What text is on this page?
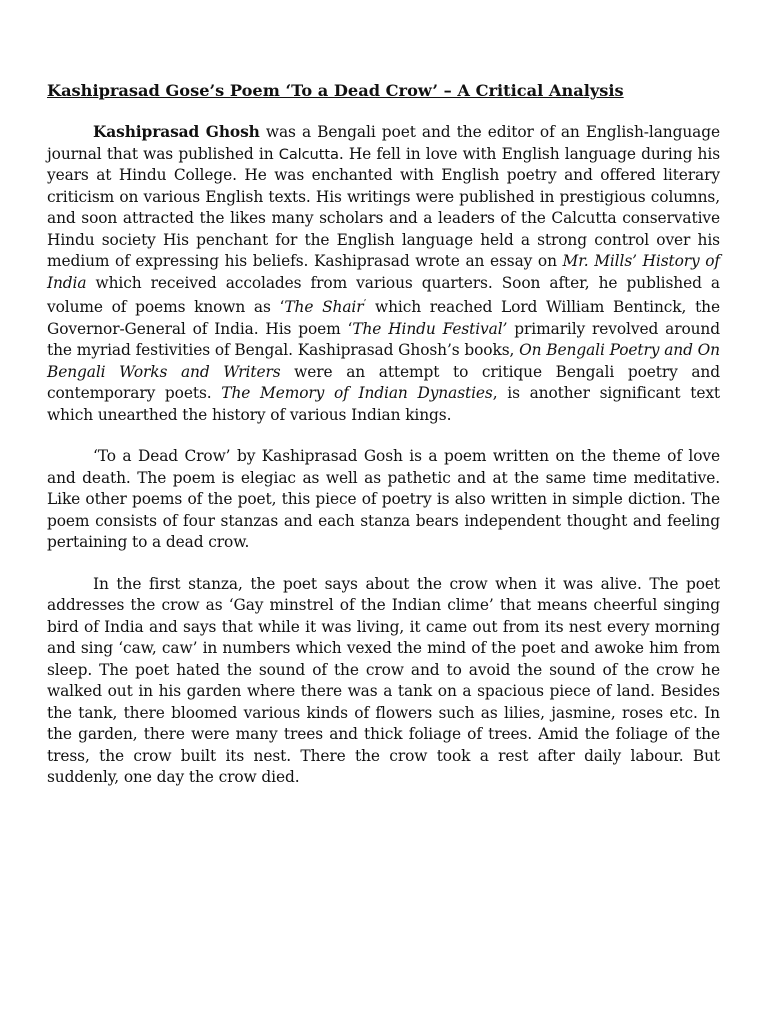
Kashiprasad Gose’s Poem ‘To a Dead Crow’ – A Critical Analysis

Kashiprasad Ghosh was a Bengali poet and the editor of an English-language journal that was published in Calcutta. He fell in love with English language during his years at Hindu College. He was enchanted with English poetry and offered literary criticism on various English texts. His writings were published in prestigious columns, and soon attracted the likes many scholars and a leaders of the Calcutta conservative Hindu society His penchant for the English language held a strong control over his medium of expressing his beliefs. Kashiprasad wrote an essay on Mr. Mills’ History of India which received accolades from various quarters. Soon after, he published a volume of poems known as ‘The Shair’ which reached Lord William Bentinck, the Governor-General of India. His poem ‘The Hindu Festival’ primarily revolved around the myriad festivities of Bengal. Kashiprasad Ghosh’s books, On Bengali Poetry and On Bengali Works and Writers were an attempt to critique Bengali poetry and contemporary poets. The Memory of Indian Dynasties, is another significant text which unearthed the history of various Indian kings.

‘To a Dead Crow’ by Kashiprasad Gosh is a poem written on the theme of love and death. The poem is elegiac as well as pathetic and at the same time meditative. Like other poems of the poet, this piece of poetry is also written in simple diction. The poem consists of four stanzas and each stanza bears independent thought and feeling pertaining to a dead crow.

In the first stanza, the poet says about the crow when it was alive. The poet addresses the crow as ‘Gay minstrel of the Indian clime’ that means cheerful singing bird of India and says that while it was living, it came out from its nest every morning and sing ‘caw, caw’ in numbers which vexed the mind of the poet and awoke him from sleep. The poet hated the sound of the crow and to avoid the sound of the crow he walked out in his garden where there was a tank on a spacious piece of land. Besides the tank, there bloomed various kinds of flowers such as lilies, jasmine, roses etc. In the garden, there were many trees and thick foliage of trees. Amid the foliage of the tress, the crow built its nest. There the crow took a rest after daily labour. But suddenly, one day the crow died.
